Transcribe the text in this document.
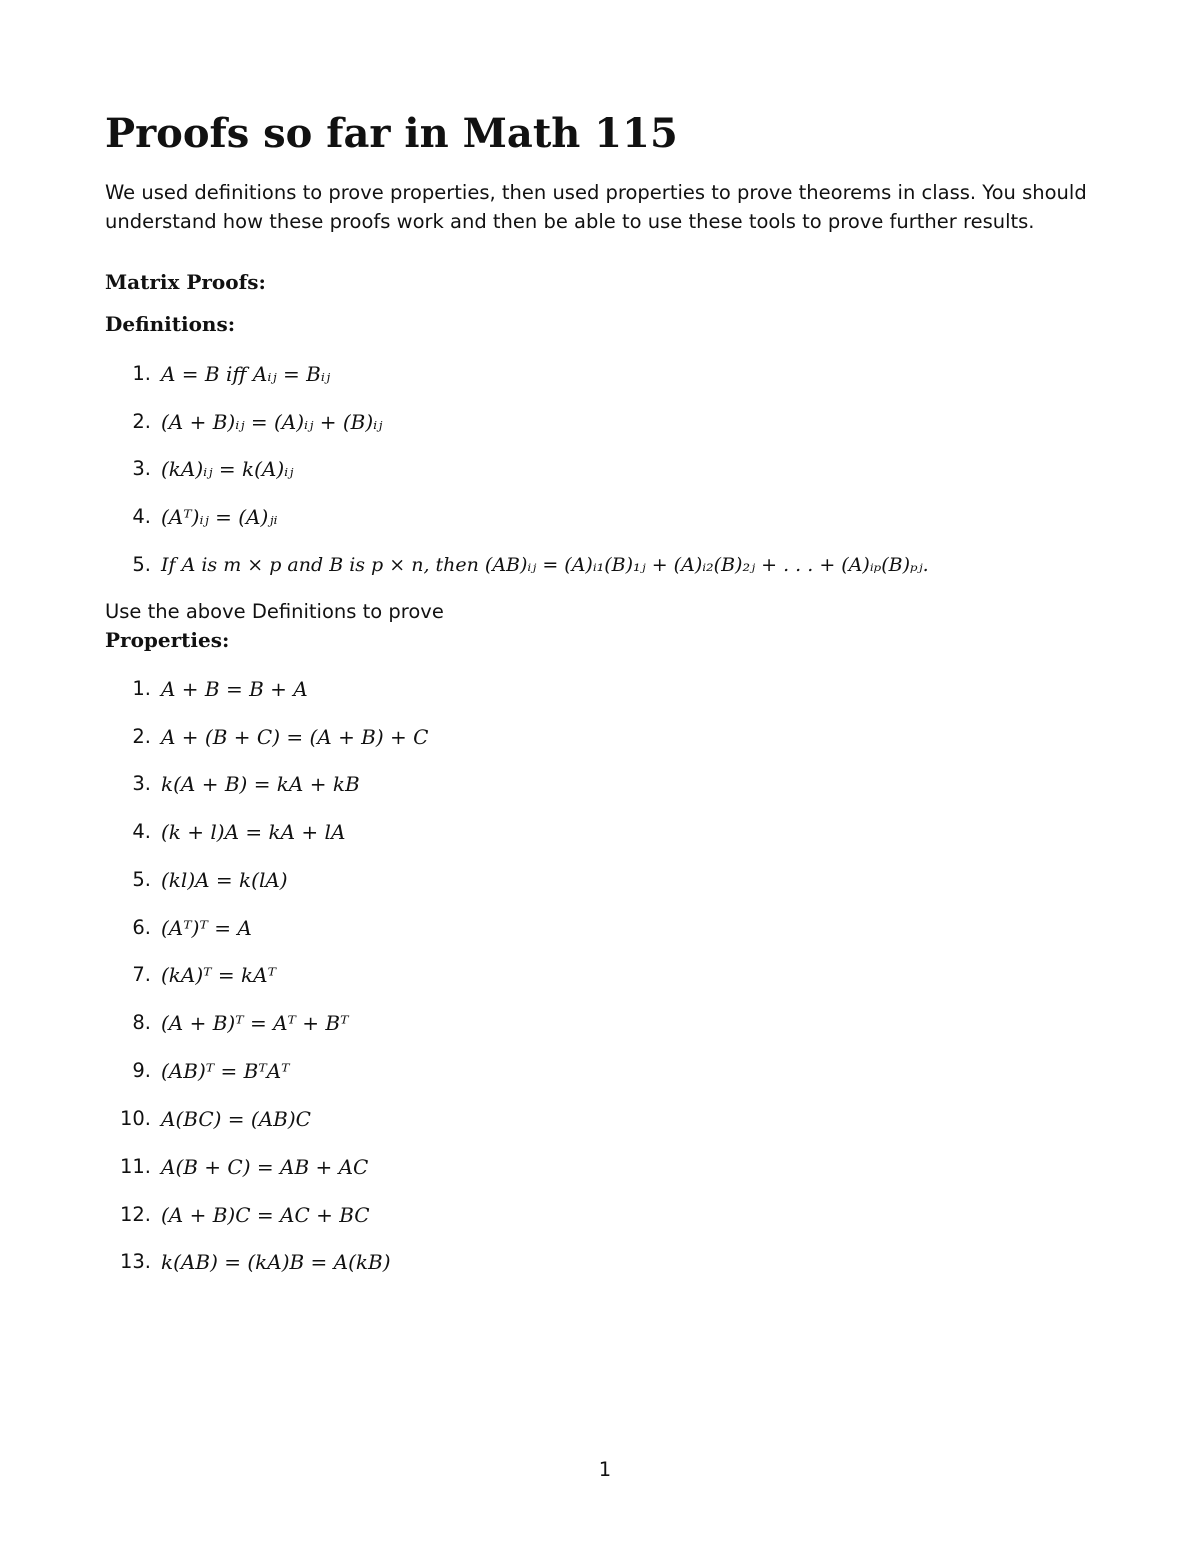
Proofs so far in Math 115

We used definitions to prove properties, then used properties to prove theorems in class. You should understand how these proofs work and then be able to use these tools to prove further results.

Matrix Proofs:
Definitions:
1. A = B iff Aᵢⱼ = Bᵢⱼ
2. (A + B)ᵢⱼ = (A)ᵢⱼ + (B)ᵢⱼ
3. (kA)ᵢⱼ = k(A)ᵢⱼ
4. (Aᵀ)ᵢⱼ = (A)ⱼᵢ
5. If A is m × p and B is p × n, then (AB)ᵢⱼ = (A)ᵢ₁(B)₁ⱼ + (A)ᵢ₂(B)₂ⱼ + . . . + (A)ᵢₚ(B)ₚⱼ.

Use the above Definitions to prove

Properties:
1. A + B = B + A
2. A + (B + C) = (A + B) + C
3. k(A + B) = kA + kB
4. (k + l)A = kA + lA
5. (kl)A = k(lA)
6. (Aᵀ)ᵀ = A
7. (kA)ᵀ = kAᵀ
8. (A + B)ᵀ = Aᵀ + Bᵀ
9. (AB)ᵀ = BᵀAᵀ
10. A(BC) = (AB)C
11. A(B + C) = AB + AC
12. (A + B)C = AC + BC
13. k(AB) = (kA)B = A(kB)
1
